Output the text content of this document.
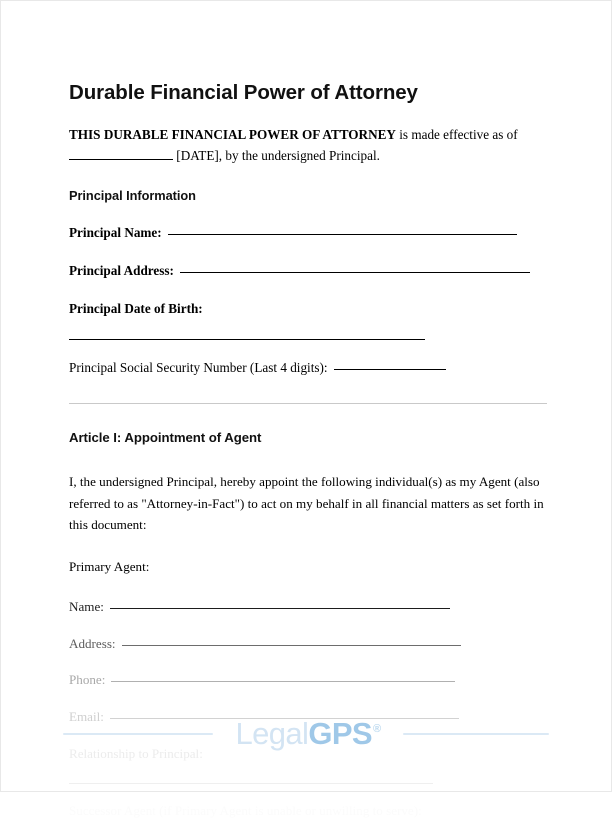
Durable Financial Power of Attorney

THIS DURABLE FINANCIAL POWER OF ATTORNEY is made effective as of
[DATE], by the undersigned Principal.

Principal Information
Principal Name:
Principal Address:
Principal Date of Birth:
Principal Social Security Number (Last 4 digits):
Article I: Appointment of Agent

I, the undersigned Principal, hereby appoint the following individual(s) as my Agent (also referred to as "Attorney-in-Fact") to act on my behalf in all financial matters as set forth in this document:

Primary Agent:

Name:
Address:
Phone:
Email:
Relationship to Principal:
Successor Agent (if Primary Agent is unable or unwilling to serve):
LegalGPS®
